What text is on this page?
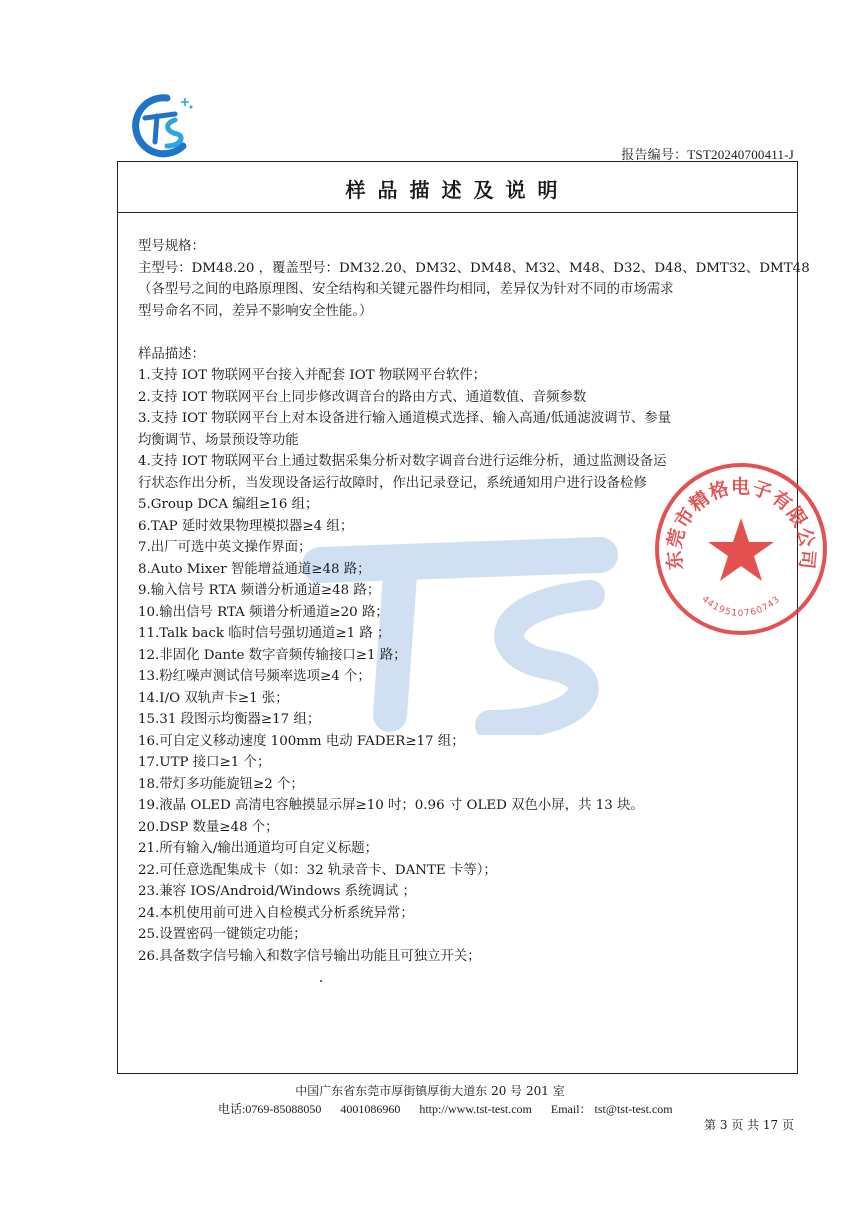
报告编号：TST20240700411-J
样品描述及说明
型号规格：
主型号：DM48.20 ，覆盖型号：DM32.20、DM32、DM48、M32、M48、D32、D48、DMT32、DMT48
（各型号之间的电路原理图、安全结构和关键元器件均相同，差异仅为针对不同的市场需求
型号命名不同，差异不影响安全性能。）
样品描述：
1.支持 IOT 物联网平台接入并配套 IOT 物联网平台软件；
2.支持 IOT 物联网平台上同步修改调音台的路由方式、通道数值、音频参数
3.支持 IOT 物联网平台上对本设备进行输入通道模式选择、输入高通/低通滤波调节、参量
均衡调节、场景预设等功能
4.支持 IOT 物联网平台上通过数据采集分析对数字调音台进行运维分析，通过监测设备运
行状态作出分析，当发现设备运行故障时，作出记录登记，系统通知用户进行设备检修
5.Group DCA 编组≥16 组；
6.TAP 延时效果物理模拟器≥4 组；
7.出厂可选中英文操作界面；
8.Auto Mixer 智能增益通道≥48 路；
9.输入信号 RTA 频谱分析通道≥48 路；
10.输出信号 RTA 频谱分析通道≥20 路；
11.Talk back 临时信号强切通道≥1 路 ；
12.非固化 Dante 数字音频传输接口≥1 路；
13.粉红噪声测试信号频率选项≥4 个；
14.I/O 双轨声卡≥1 张；
15.31 段图示均衡器≥17 组；
16.可自定义移动速度 100mm 电动 FADER≥17 组；
17.UTP 接口≥1 个；
18.带灯多功能旋钮≥2 个；
19.液晶 OLED 高清电容触摸显示屏≥10 吋；0.96 寸 OLED 双色小屏，共 13 块。
20.DSP 数量≥48 个；
21.所有输入/输出通道均可自定义标题；
22.可任意选配集成卡（如：32 轨录音卡、DANTE 卡等）；
23.兼容 IOS/Android/Windows 系统调试 ；
24.本机使用前可进入自检模式分析系统异常；
25.设置密码一键锁定功能；
26.具备数字信号输入和数字信号输出功能且可独立开关；
东莞市精格电子有限公司
4419510760743
中国广东省东莞市厚街镇厚街大道东 20 号 201 室
电话:0769-85088050 4001086960 http://www.tst-test.com Email： tst@tst-test.com
第 3 页 共 17 页
